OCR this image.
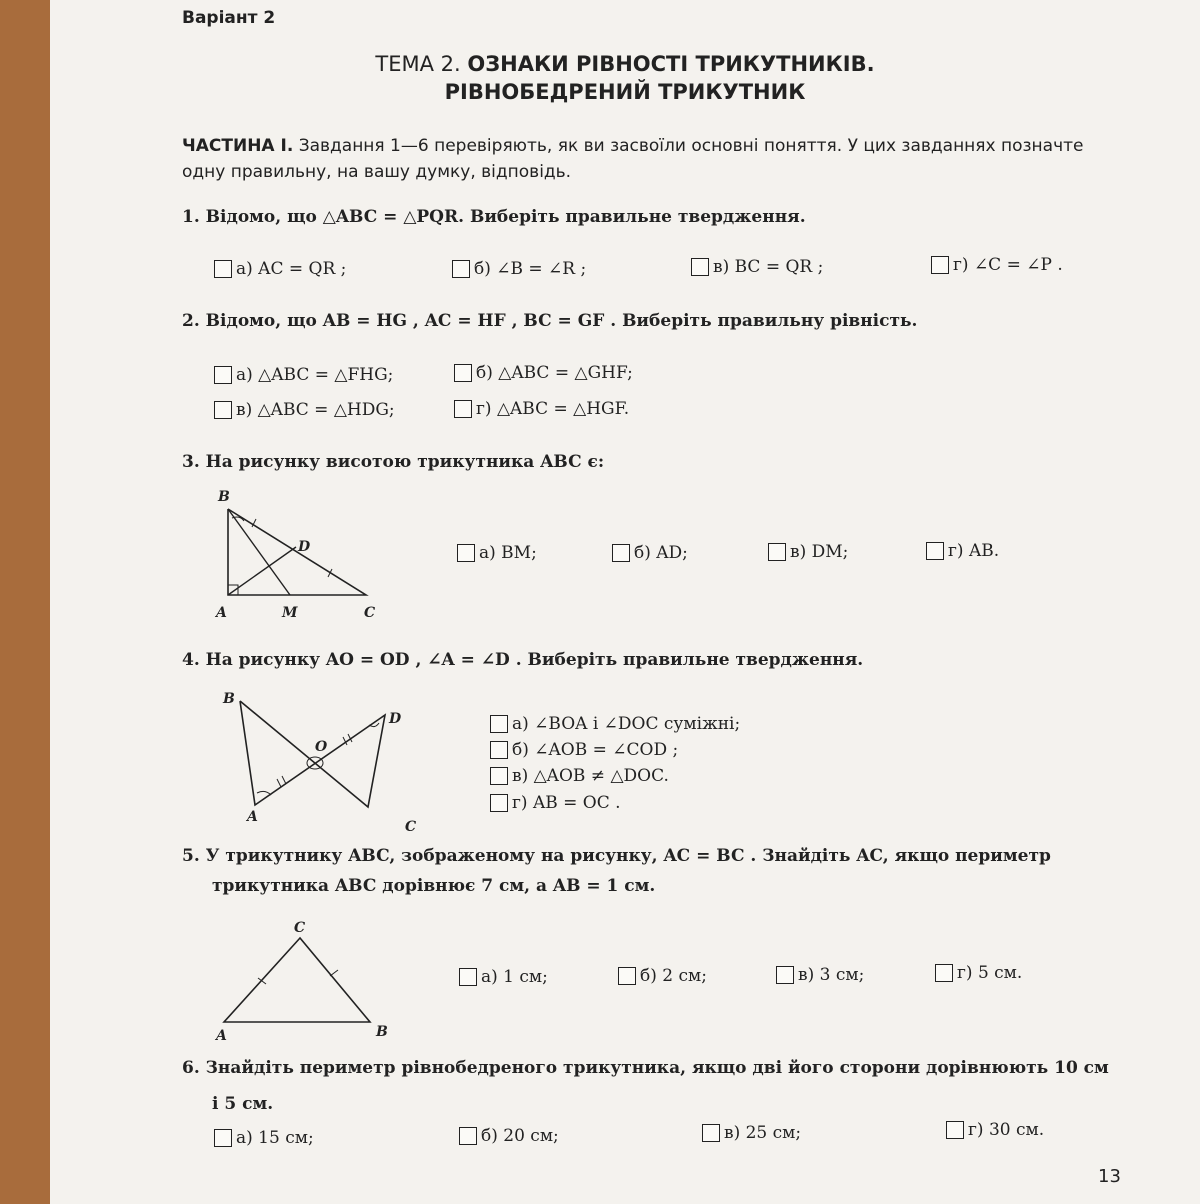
Варіант 2
ТЕМА 2. ОЗНАКИ РІВНОСТІ ТРИКУТНИКІВ.
РІВНОБЕДРЕНИЙ ТРИКУТНИК
ЧАСТИНА І. Завдання 1—6 перевіряють, як ви засвоїли основні поняття. У цих завданнях позначте одну правильну, на вашу думку, відповідь.
1. Відомо, що △ABC = △PQR. Виберіть правильне твердження.
а) AC = QR ;	б) ∠B = ∠R ;	в) BC = QR ;	г) ∠C = ∠P .
2. Відомо, що AB = HG , AC = HF , BC = GF . Виберіть правильну рівність.
а) △ABC = △FHG;	б) △ABC = △GHF;
в) △ABC = △HDG;	г) △ABC = △HGF.
3. На рисунку висотою трикутника ABC є:
B
D
A	M	C
а) BM;	б) AD;	в) DM;	г) AB.
4. На рисунку AO = OD , ∠A = ∠D . Виберіть правильне твердження.
B
D
O
A
C
а) ∠BOA і ∠DOC суміжні;
б) ∠AOB = ∠COD ;
в) △AOB ≠ △DOC.
г) AB = OC .
5. У трикутнику ABC, зображеному на рисунку, AC = BC . Знайдіть AC, якщо периметр
трикутника ABC дорівнює 7 см, а AB = 1 см.
C
A	B
а) 1 см;	б) 2 см;	в) 3 см;	г) 5 см.
6. Знайдіть периметр рівнобедреного трикутника, якщо дві його сторони дорівнюють 10 см
і 5 см.
а) 15 см;	б) 20 см;	в) 25 см;	г) 30 см.
13
